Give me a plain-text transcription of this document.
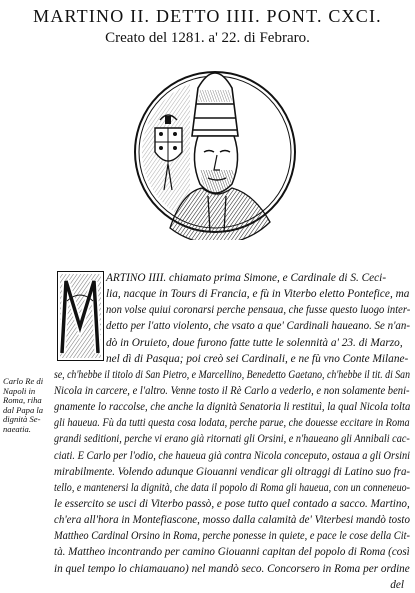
MARTINO II. DETTO IIII. PONT. CXCI.
Creato del 1281. a' 22. di Febraro.
Carlo Re di
Napoli in
Roma, riha
dal Papa la
dignità Se-
naeatia.
ARTINO IIII. chiamato prima Simone, e Cardinale di S. Ceci-
lia, nacque in Tours di Francia, e fù in Viterbo eletto Pontefice, ma
non volse quiui coronarsi perche pensaua, che fusse questo luogo inter-
detto per l'atto violento, che vsato a que' Cardinali haueano. Se n'an-
dò in Oruieto, doue furono fatte tutte le solennità a' 23. di Marzo,
nel dì di Pasqua; poi creò sei Cardinali, e ne fù vno Conte Milane-
se, ch'hebbe il titolo di San Pietro, e Marcellino, Benedetto Gaetano, ch'hebbe il tit. di San
Nicola in carcere, e l'altro. Venne tosto il Rè Carlo a vederlo, e non solamente beni-
gnamente lo raccolse, che anche la dignità Senatoria li restituì, la qual Nicola tolta
gli haueua. Fù da tutti questa cosa lodata, perche parue, che douesse eccitare in Roma
grandi seditioni, perche vi erano già ritornati gli Orsini, e n'haueano gli Annibali cac-
ciati. E Carlo per l'odio, che haueua già contra Nicola conceputo, ostaua a gli Orsini
mirabilmente. Volendo adunque Giouanni vendicar gli oltraggi di Latino suo fra-
tello, e mantenersi la dignità, che data il popolo di Roma gli haueua, con un conneneuo-
le essercito se usci di Viterbo passò, e pose tutto quel contado a sacco. Martino,
ch'era all'hora in Montefiascone, mosso dalla calamità de' Viterbesi mandò tosto
Mattheo Cardinal Orsino in Roma, perche ponesse in quiete, e pace le cose della Cit-
tà. Mattheo incontrando per camino Giouanni capitan del popolo di Roma (così
in quel tempo lo chiamauano) nel mandò seco. Concorsero in Roma per ordine
del
